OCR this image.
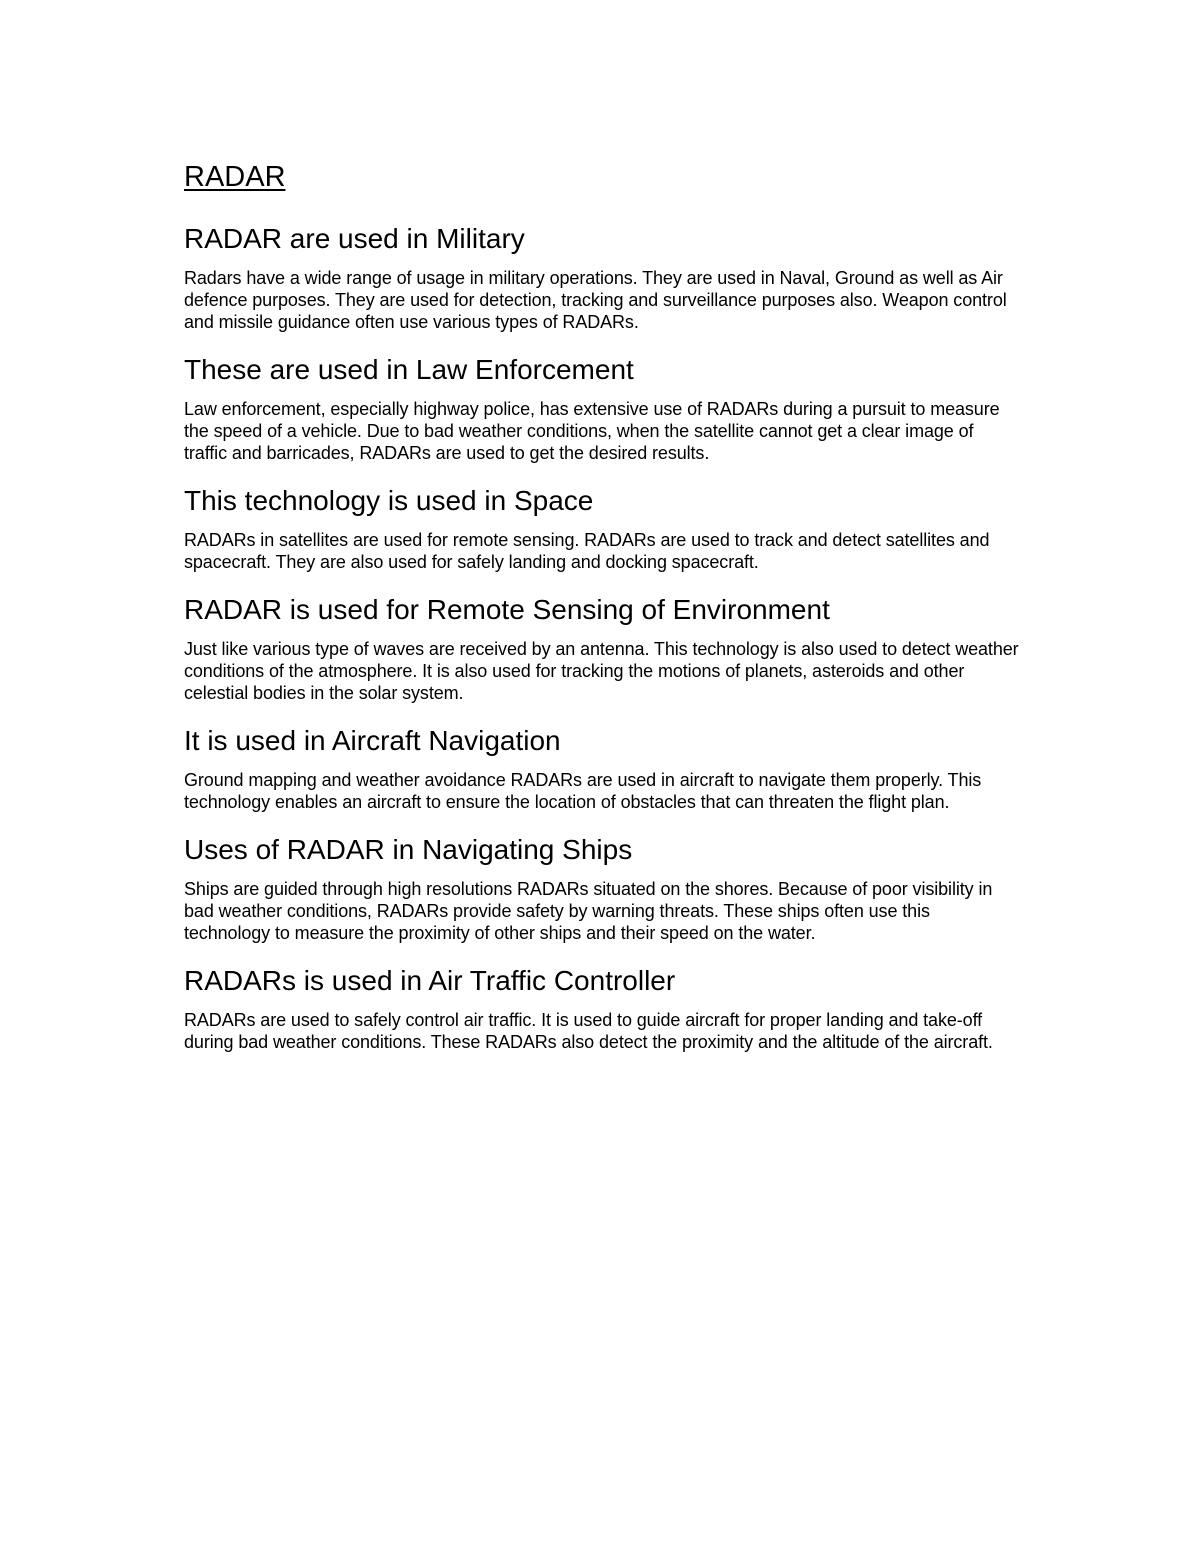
RADAR
RADAR are used in Military

Radars have a wide range of usage in military operations. They are used in Naval, Ground as well as Air defence purposes. They are used for detection, tracking and surveillance purposes also. Weapon control and missile guidance often use various types of RADARs.

These are used in Law Enforcement

Law enforcement, especially highway police, has extensive use of RADARs during a pursuit to measure the speed of a vehicle. Due to bad weather conditions, when the satellite cannot get a clear image of traffic and barricades, RADARs are used to get the desired results.

This technology is used in Space

RADARs in satellites are used for remote sensing. RADARs are used to track and detect satellites and spacecraft. They are also used for safely landing and docking spacecraft.

RADAR is used for Remote Sensing of Environment

Just like various type of waves are received by an antenna. This technology is also used to detect weather conditions of the atmosphere. It is also used for tracking the motions of planets, asteroids and other celestial bodies in the solar system.

It is used in Aircraft Navigation

Ground mapping and weather avoidance RADARs are used in aircraft to navigate them properly. This technology enables an aircraft to ensure the location of obstacles that can threaten the flight plan.

Uses of RADAR in Navigating Ships

Ships are guided through high resolutions RADARs situated on the shores. Because of poor visibility in bad weather conditions, RADARs provide safety by warning threats. These ships often use this technology to measure the proximity of other ships and their speed on the water.

RADARs is used in Air Traffic Controller

RADARs are used to safely control air traffic. It is used to guide aircraft for proper landing and take-off during bad weather conditions. These RADARs also detect the proximity and the altitude of the aircraft.
